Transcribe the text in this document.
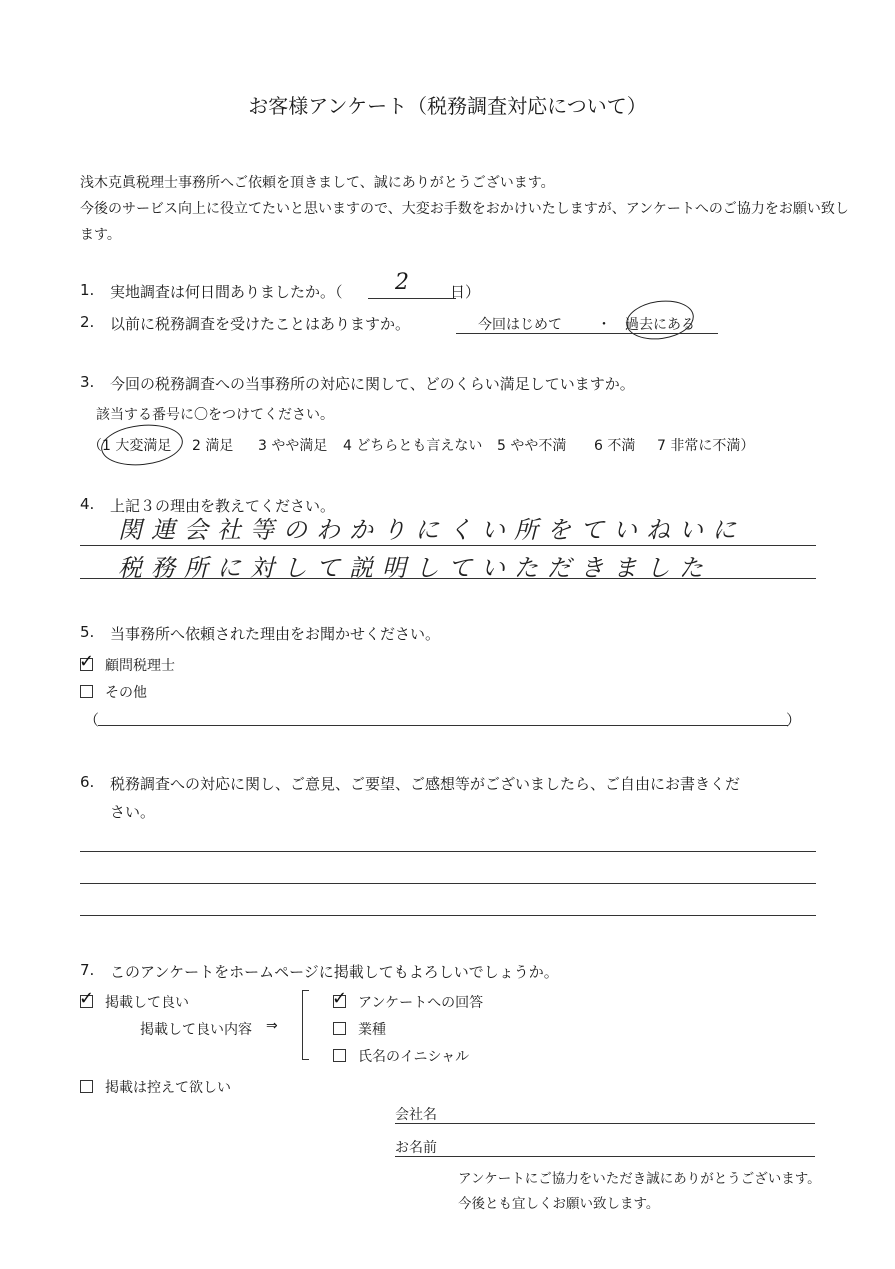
お客様アンケート（税務調査対応について）
浅木克眞税理士事務所へご依頼を頂きまして、誠にありがとうございます。
今後のサービス向上に役立てたいと思いますので、大変お手数をおかけいたしますが、アンケートへのご協力をお願い致し
ます。
1. 実地調査は何日間ありましたか。（ 2	日）
2. 以前に税務調査を受けたことはありますか。	今回はじめて	・ 過去にある
3. 今回の税務調査への当事務所の対応に関して、どのくらい満足していますか。
該当する番号に〇をつけてください。
（1 大変満足 2 満足 3 やや満足 4 どちらとも言えない 5 やや不満 6 不満 7 非常に不満）
4. 上記３の理由を教えてください。
関連会社等のわかりにくい所をていねいに
税務所に対して説明していただきました
5. 当事務所へ依頼された理由をお聞かせください。
✓ 顧問税理士
その他
（	）
6. 税務調査への対応に関し、ご意見、ご要望、ご感想等がございましたら、ご自由にお書きくだ
さい。
7. このアンケートをホームページに掲載してもよろしいでしょうか。
✓ 掲載して良い
掲載して良い内容 ⇒
✓ アンケートへの回答
業種
氏名のイニシャル
掲載は控えて欲しい
会社名
お名前
アンケートにご協力をいただき誠にありがとうございます。
今後とも宜しくお願い致します。
